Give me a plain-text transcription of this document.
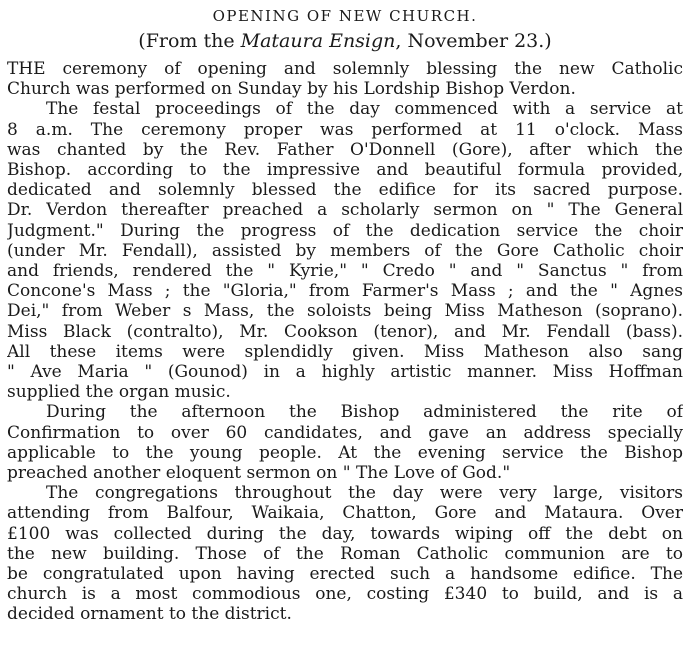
OPENING OF NEW CHURCH.
(From the Mataura Ensign, November 23.)
THE ceremony of opening and solemnly blessing the new Catholic
Church was performed on Sunday by his Lordship Bishop Verdon.
The festal proceedings of the day commenced with a service at
8 a.m. The ceremony proper was performed at 11 o'clock. Mass
was chanted by the Rev. Father O'Donnell (Gore), after which the
Bishop. according to the impressive and beautiful formula provided,
dedicated and solemnly blessed the edifice for its sacred purpose.
Dr. Verdon thereafter preached a scholarly sermon on " The General
Judgment." During the progress of the dedication service the choir
(under Mr. Fendall), assisted by members of the Gore Catholic choir
and friends, rendered the " Kyrie," " Credo " and " Sanctus " from
Concone's Mass ; the "Gloria," from Farmer's Mass ; and the " Agnes
Dei," from Weber s Mass, the soloists being Miss Matheson (soprano).
Miss Black (contralto), Mr. Cookson (tenor), and Mr. Fendall (bass).
All these items were splendidly given. Miss Matheson also sang
" Ave Maria " (Gounod) in a highly artistic manner. Miss Hoffman
supplied the organ music.
During the afternoon the Bishop administered the rite of
Confirmation to over 60 candidates, and gave an address specially
applicable to the young people. At the evening service the Bishop
preached another eloquent sermon on " The Love of God."
The congregations throughout the day were very large, visitors
attending from Balfour, Waikaia, Chatton, Gore and Mataura. Over
£100 was collected during the day, towards wiping off the debt on
the new building. Those of the Roman Catholic communion are to
be congratulated upon having erected such a handsome edifice. The
church is a most commodious one, costing £340 to build, and is a
decided ornament to the district.
